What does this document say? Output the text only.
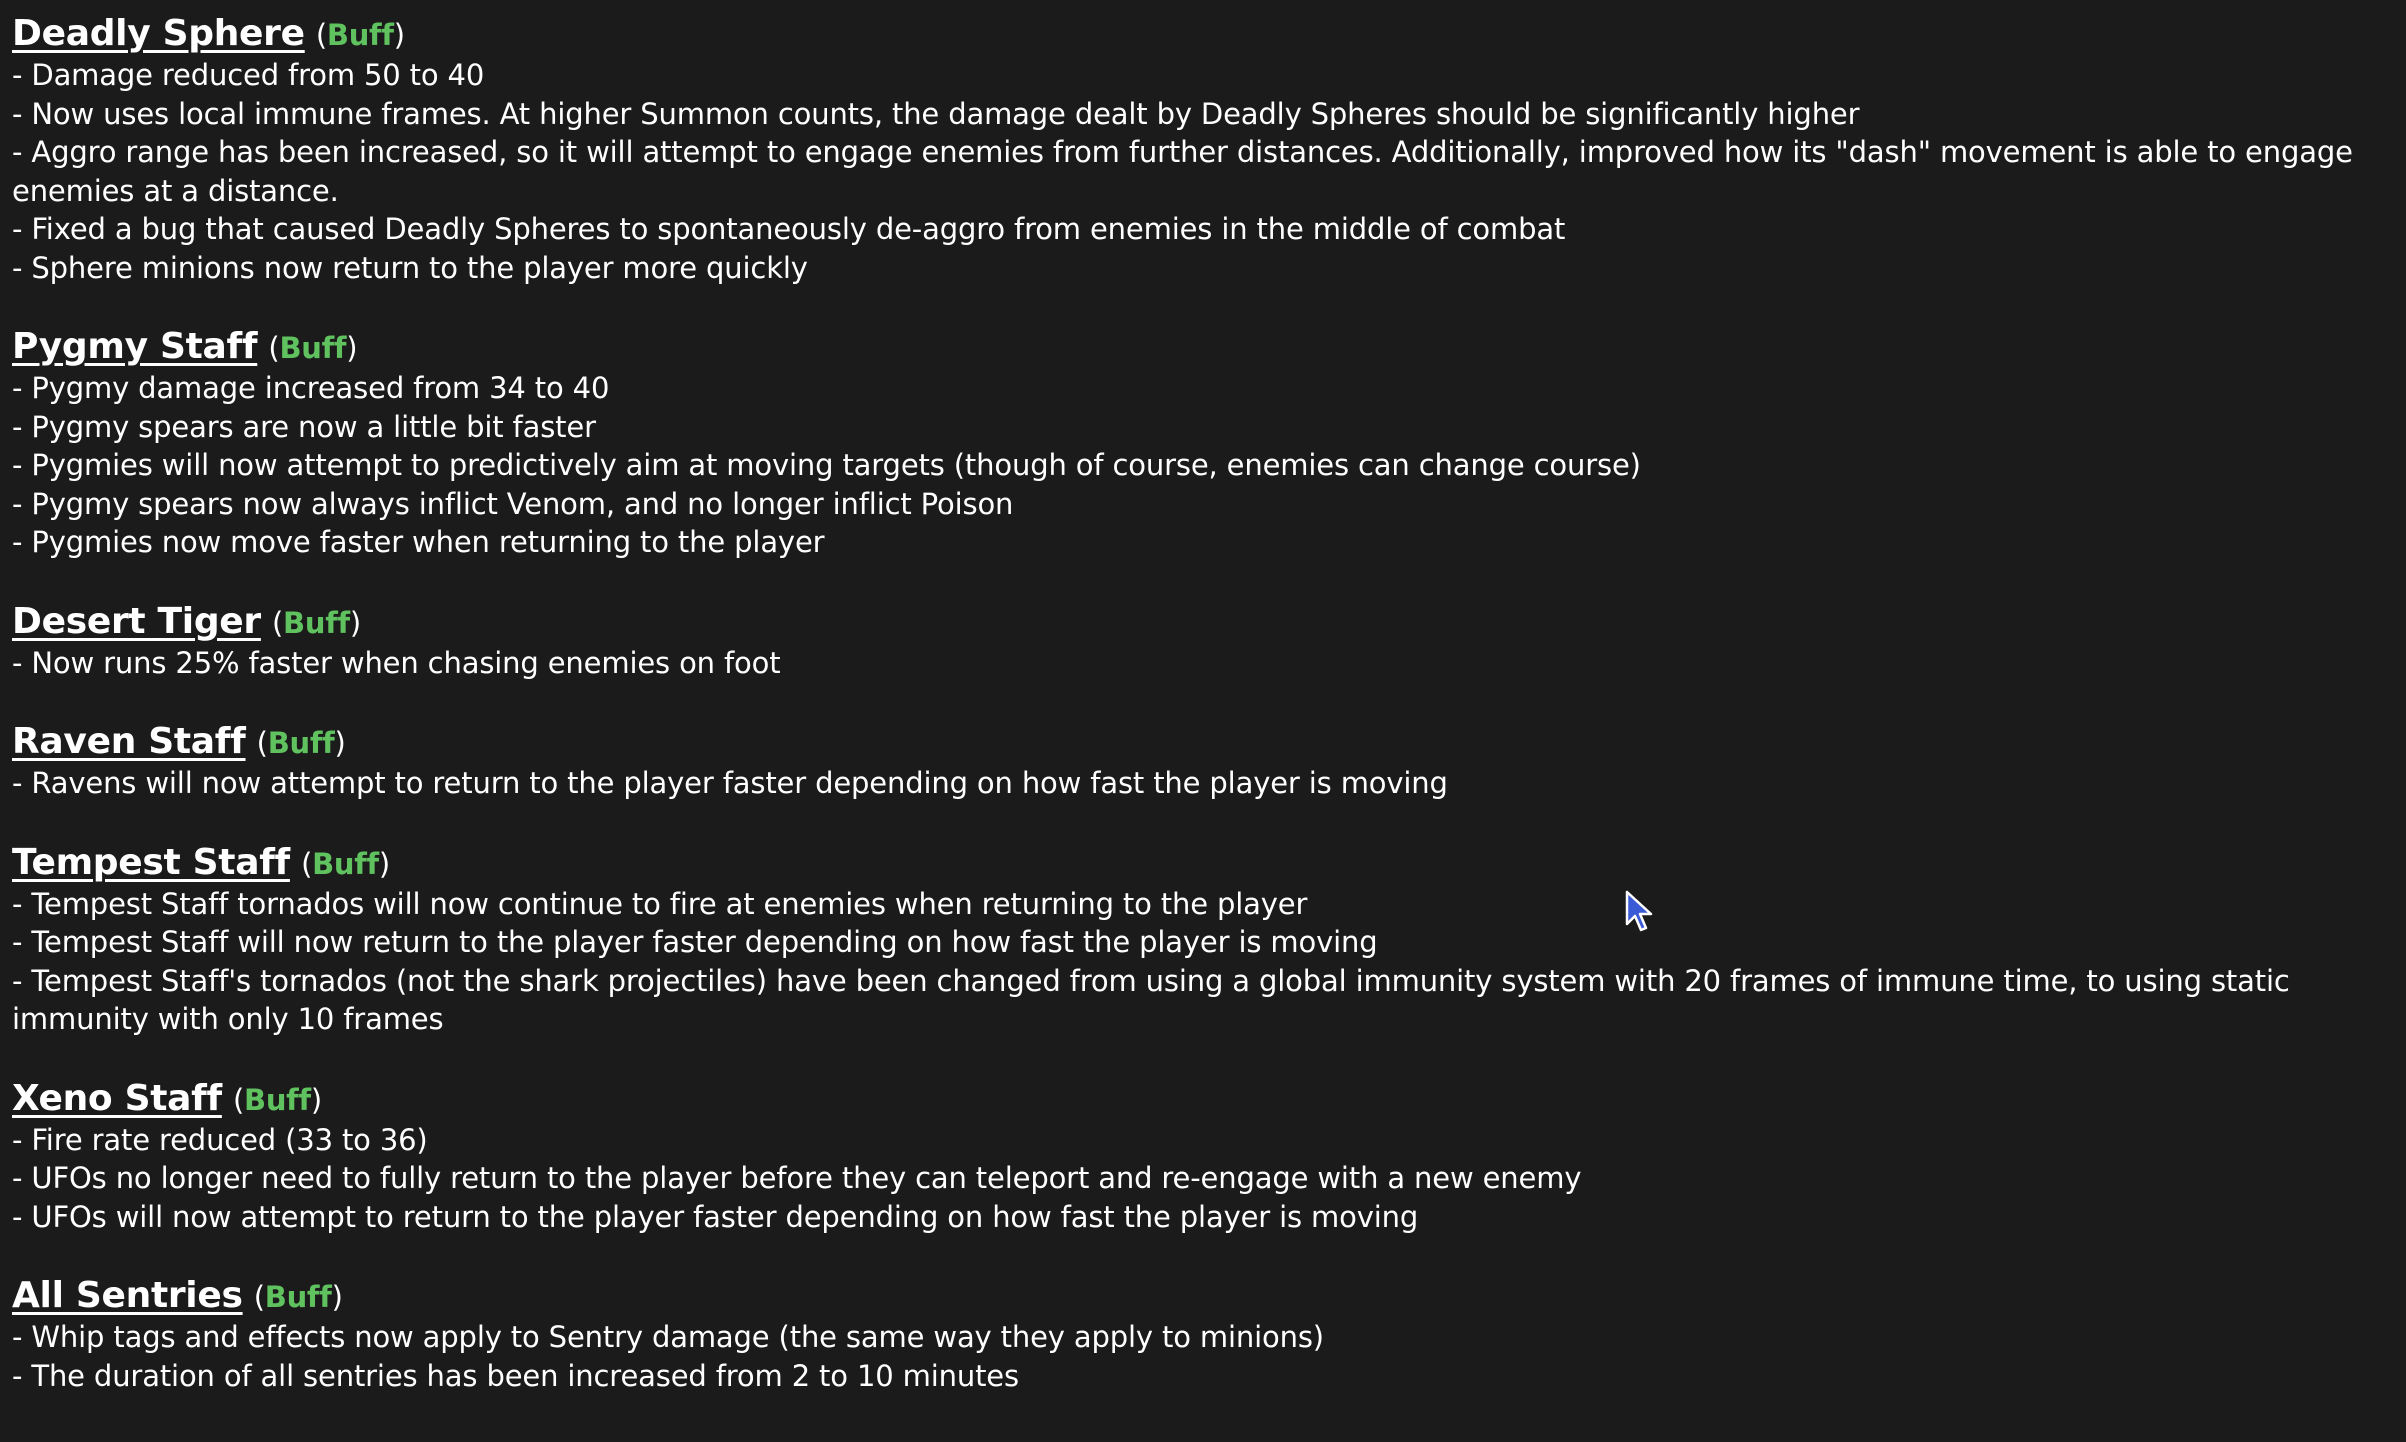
Deadly Sphere (Buff)
- Damage reduced from 50 to 40
- Now uses local immune frames. At higher Summon counts, the damage dealt by Deadly Spheres should be significantly higher
- Aggro range has been increased, so it will attempt to engage enemies from further distances. Additionally, improved how its "dash" movement is able to engage enemies at a distance.
- Fixed a bug that caused Deadly Spheres to spontaneously de-aggro from enemies in the middle of combat
- Sphere minions now return to the player more quickly
Pygmy Staff (Buff)
- Pygmy damage increased from 34 to 40
- Pygmy spears are now a little bit faster
- Pygmies will now attempt to predictively aim at moving targets (though of course, enemies can change course)
- Pygmy spears now always inflict Venom, and no longer inflict Poison
- Pygmies now move faster when returning to the player
Desert Tiger (Buff)
- Now runs 25% faster when chasing enemies on foot
Raven Staff (Buff)
- Ravens will now attempt to return to the player faster depending on how fast the player is moving
Tempest Staff (Buff)
- Tempest Staff tornados will now continue to fire at enemies when returning to the player
- Tempest Staff will now return to the player faster depending on how fast the player is moving
- Tempest Staff's tornados (not the shark projectiles) have been changed from using a global immunity system with 20 frames of immune time, to using static immunity with only 10 frames
Xeno Staff (Buff)
- Fire rate reduced (33 to 36)
- UFOs no longer need to fully return to the player before they can teleport and re-engage with a new enemy
- UFOs will now attempt to return to the player faster depending on how fast the player is moving
All Sentries (Buff)
- Whip tags and effects now apply to Sentry damage (the same way they apply to minions)
- The duration of all sentries has been increased from 2 to 10 minutes
